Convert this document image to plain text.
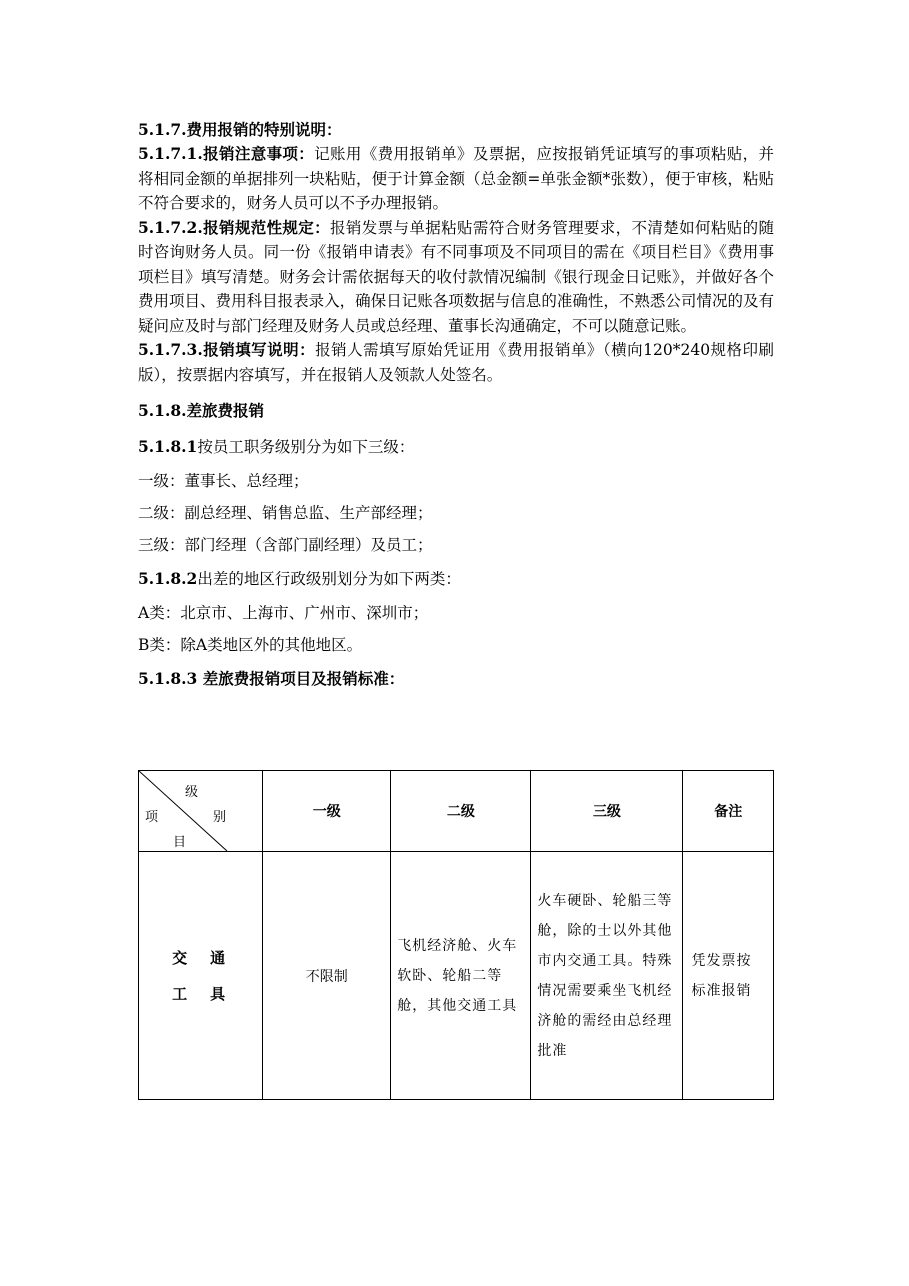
5.1.7.费用报销的特别说明：

5.1.7.1.报销注意事项：记账用《费用报销单》及票据，应按报销凭证填写的事项粘贴，并将相同金额的单据排列一块粘贴，便于计算金额（总金额=单张金额*张数），便于审核，粘贴不符合要求的，财务人员可以不予办理报销。

5.1.7.2.报销规范性规定：报销发票与单据粘贴需符合财务管理要求，不清楚如何粘贴的随时咨询财务人员。同一份《报销申请表》有不同事项及不同项目的需在《项目栏目》《费用事项栏目》填写清楚。财务会计需依据每天的收付款情况编制《银行现金日记账》，并做好各个费用项目、费用科目报表录入，确保日记账各项数据与信息的准确性，不熟悉公司情况的及有疑问应及时与部门经理及财务人员或总经理、董事长沟通确定，不可以随意记账。

5.1.7.3.报销填写说明：报销人需填写原始凭证用《费用报销单》（横向120*240规格印刷版），按票据内容填写，并在报销人及领款人处签名。

5.1.8.差旅费报销

5.1.8.1按员工职务级别分为如下三级：

一级：董事长、总经理；

二级：副总经理、销售总监、生产部经理；

三级：部门经理（含部门副经理）及员工；

5.1.8.2出差的地区行政级别划分为如下两类：

A类：北京市、上海市、广州市、深圳市；

B类：除A类地区外的其他地区。

5.1.8.3 差旅费报销项目及报销标准：

级
别
项
目	一级	二级	三级	备注

交　通
工　具	不限制	飞机经济舱、火车软卧、轮船二等舱，其他交通工具	火车硬卧、轮船三等舱，除的士以外其他市内交通工具。特殊情况需要乘坐飞机经济舱的需经由总经理批准	凭发票按标准报销
